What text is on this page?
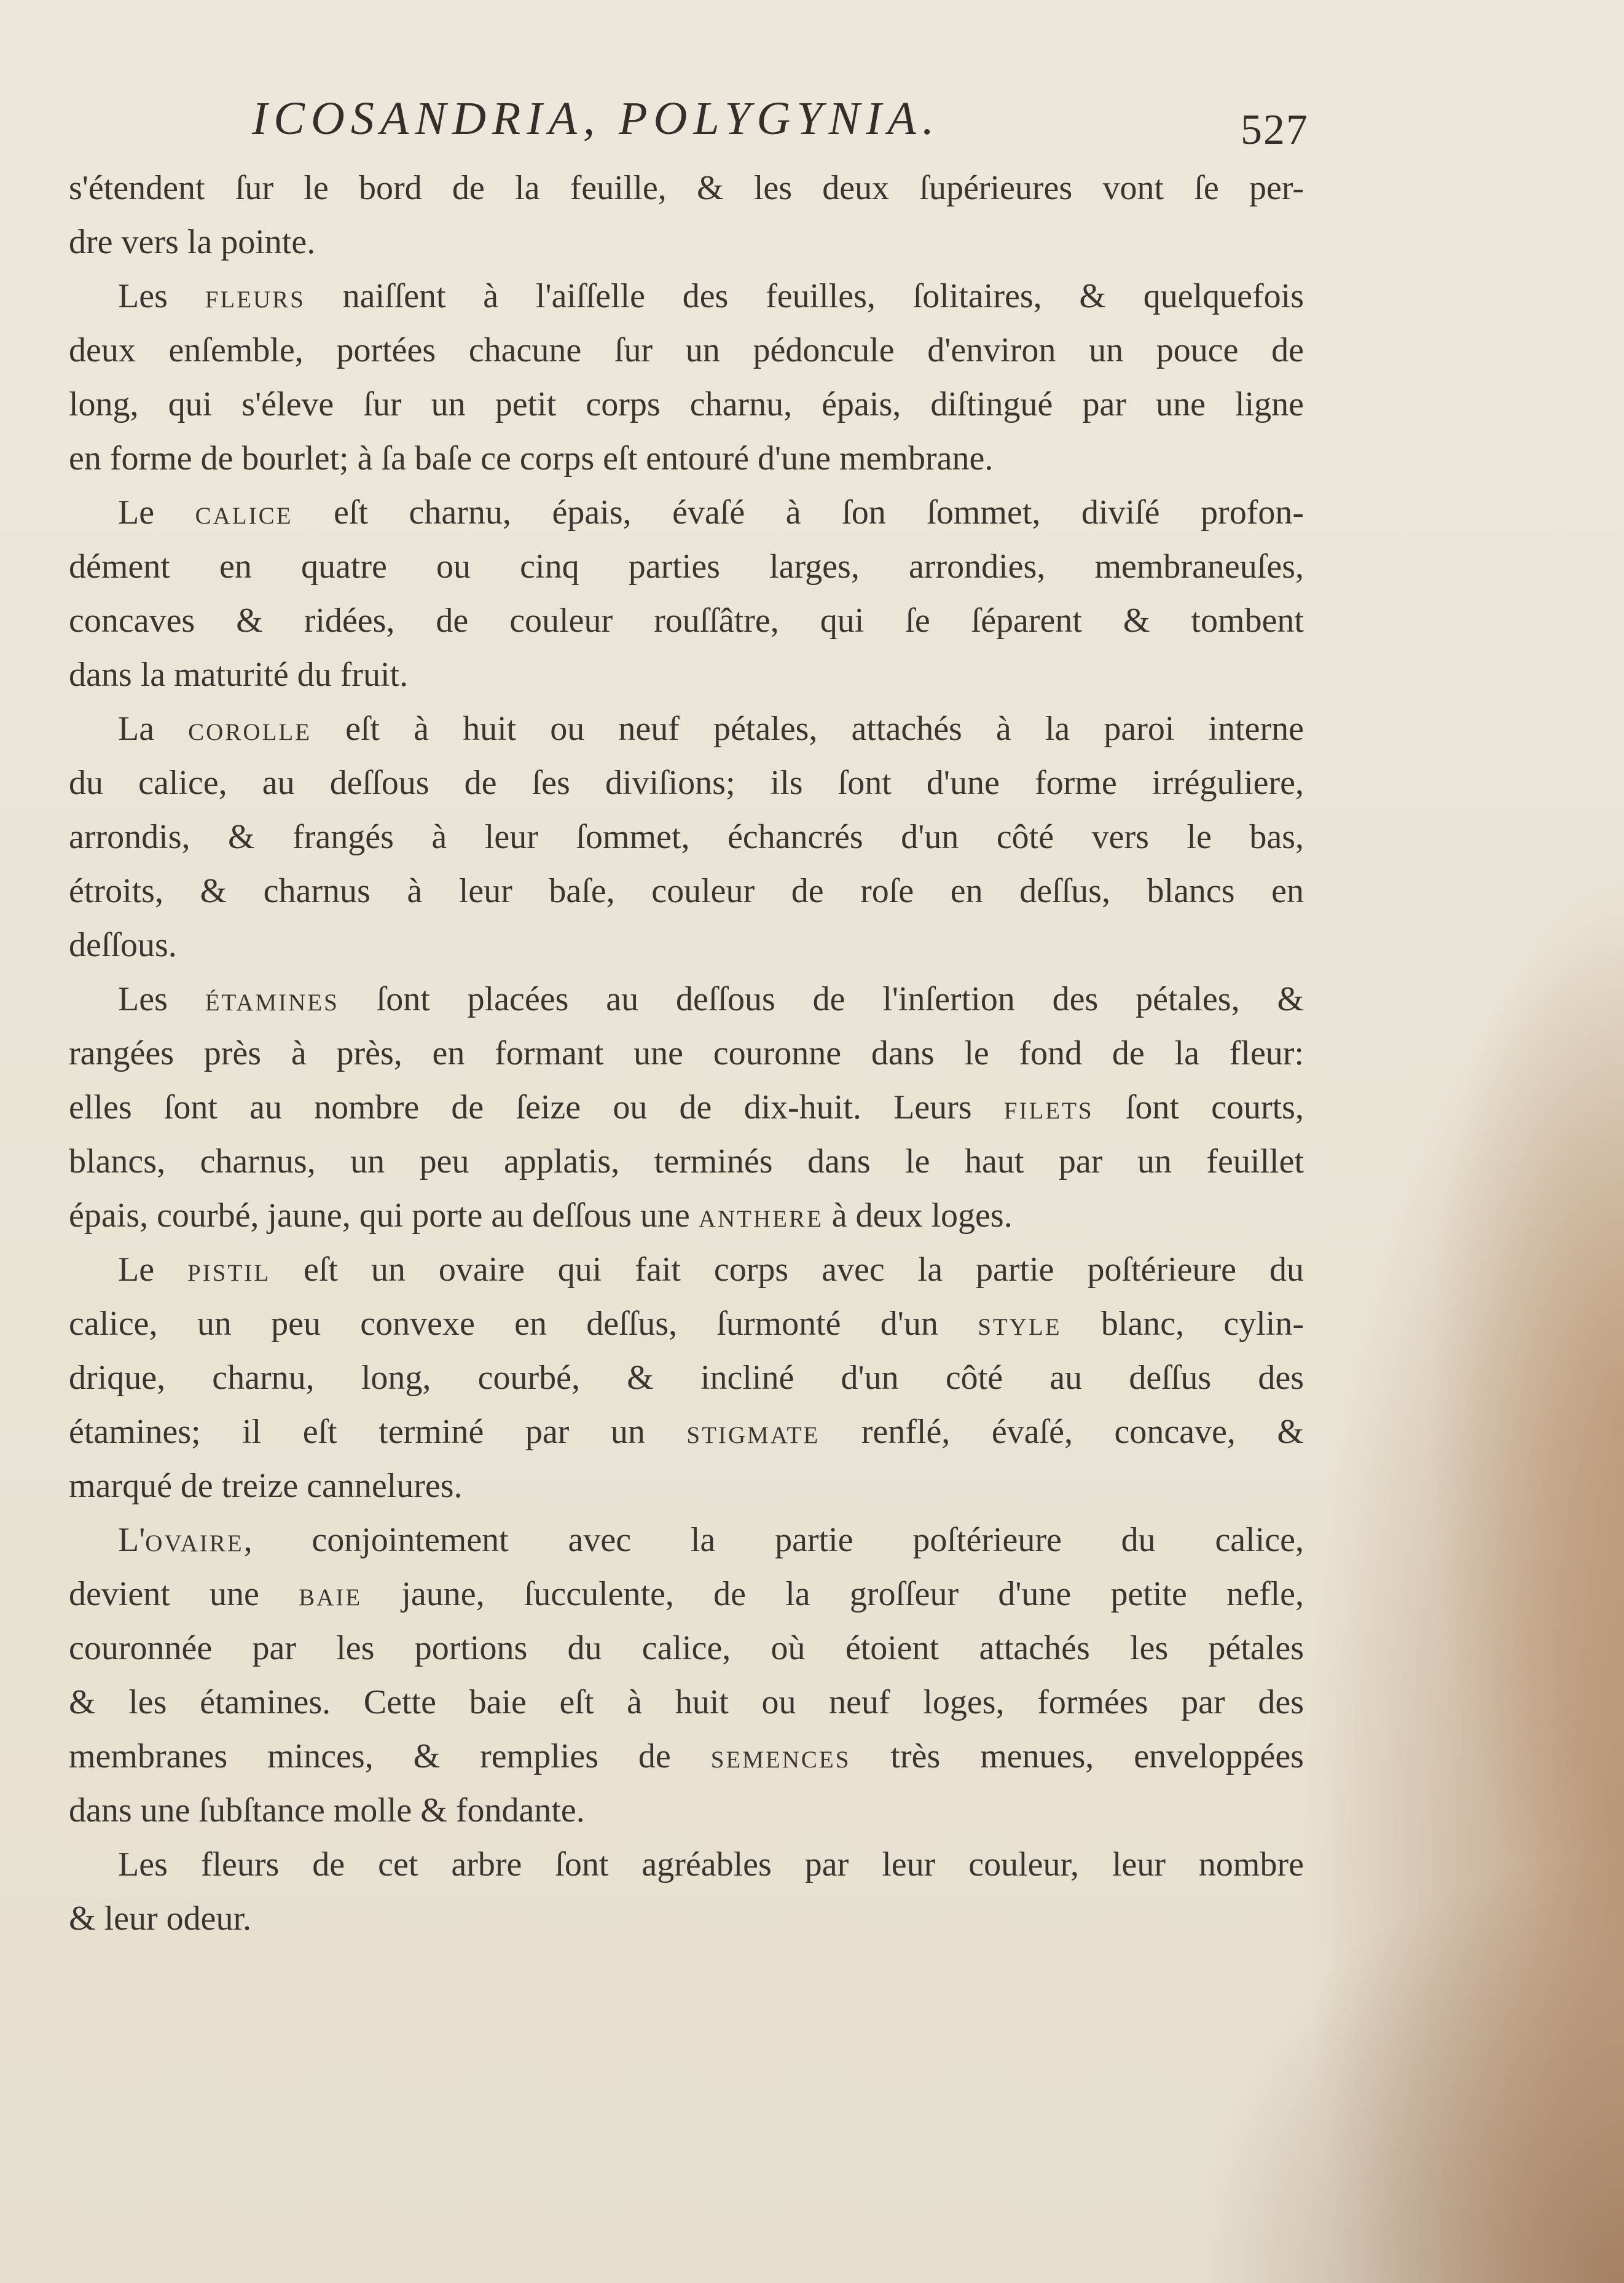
ICOSANDRIA, POLYGYNIA.	527
s'étendent ſur le bord de la feuille, & les deux ſupérieures vont ſe per-
dre vers la pointe.
Les fleurs naiſſent à l'aiſſelle des feuilles, ſolitaires, & quelquefois
deux enſemble, portées chacune ſur un pédoncule d'environ un pouce de
long, qui s'éleve ſur un petit corps charnu, épais, diſtingué par une ligne
en forme de bourlet; à ſa baſe ce corps eſt entouré d'une membrane.
Le calice eſt charnu, épais, évaſé à ſon ſommet, diviſé profon-
dément en quatre ou cinq parties larges, arrondies, membraneuſes,
concaves & ridées, de couleur rouſſâtre, qui ſe ſéparent & tombent
dans la maturité du fruit.
La corolle eſt à huit ou neuf pétales, attachés à la paroi interne
du calice, au deſſous de ſes diviſions; ils ſont d'une forme irréguliere,
arrondis, & frangés à leur ſommet, échancrés d'un côté vers le bas,
étroits, & charnus à leur baſe, couleur de roſe en deſſus, blancs en
deſſous.
Les étamines ſont placées au deſſous de l'inſertion des pétales, &
rangées près à près, en formant une couronne dans le fond de la fleur:
elles ſont au nombre de ſeize ou de dix-huit. Leurs filets ſont courts,
blancs, charnus, un peu applatis, terminés dans le haut par un feuillet
épais, courbé, jaune, qui porte au deſſous une anthere à deux loges.
Le pistil eſt un ovaire qui fait corps avec la partie poſtérieure du
calice, un peu convexe en deſſus, ſurmonté d'un style blanc, cylin-
drique, charnu, long, courbé, & incliné d'un côté au deſſus des
étamines; il eſt terminé par un stigmate renflé, évaſé, concave, &
marqué de treize cannelures.
L'ovaire, conjointement avec la partie poſtérieure du calice,
devient une baie jaune, ſucculente, de la groſſeur d'une petite nefle,
couronnée par les portions du calice, où étoient attachés les pétales
& les étamines. Cette baie eſt à huit ou neuf loges, formées par des
membranes minces, & remplies de semences très menues, enveloppées
dans une ſubſtance molle & fondante.
Les fleurs de cet arbre ſont agréables par leur couleur, leur nombre
& leur odeur.
